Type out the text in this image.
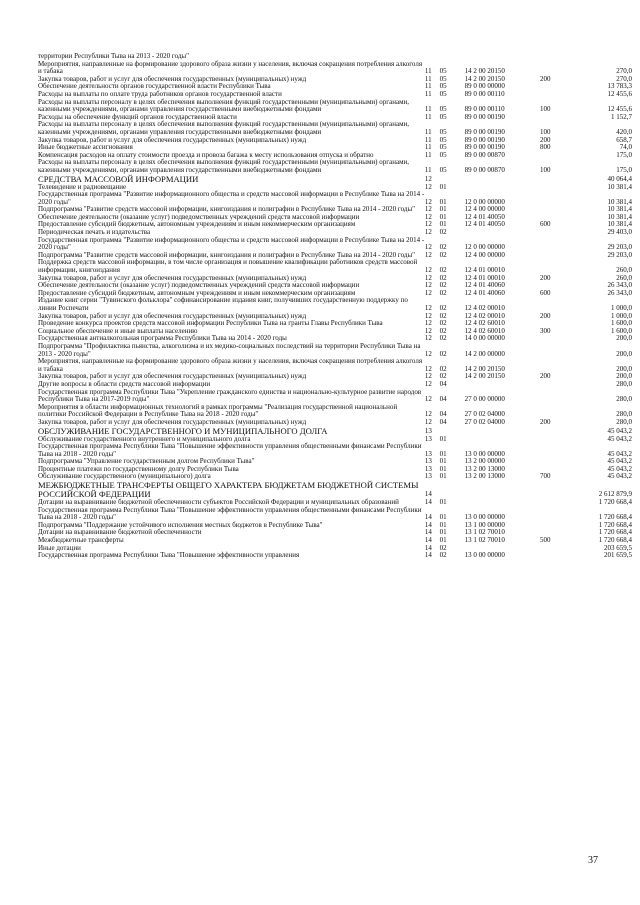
территории Республики Тыва на 2013 - 2020 годы"					
Мероприятия, направленные на формирование здорового образа жизни у населения, включая сокращения потребления алкоголя и табака	11	05	14 2 00 20150		270,0
Закупка товаров, работ и услуг для обеспечения государственных (муниципальных) нужд	11	05	14 2 00 20150	200	270,0
Обеспечение деятельности органов государственной власти Республики Тыва	11	05	89 0 00 00000		13 783,3
Расходы на выплаты по оплате труда работников органов государственной власти	11	05	89 0 00 00110		12 455,6
Расходы на выплаты персоналу в целях обеспечения выполнения функций государственными (муниципальными) органами, казенными учреждениями, органами управления государственными внебюджетными фондами	11	05	89 0 00 00110	100	12 455,6
Расходы на обеспечение функций органов государственной власти	11	05	89 0 00 00190		1 152,7
Расходы на выплаты персоналу в целях обеспечения выполнения функций государственными (муниципальными) органами, казенными учреждениями, органами управления государственными внебюджетными фондами	11	05	89 0 00 00190	100	420,0
Закупка товаров, работ и услуг для обеспечения государственных (муниципальных) нужд	11	05	89 0 00 00190	200	658,7
Иные бюджетные ассигнования	11	05	89 0 00 00190	800	74,0
Компенсация расходов на оплату стоимости проезда и провоза багажа к месту использования отпуска и обратно	11	05	89 0 00 00870		175,0
Расходы на выплаты персоналу в целях обеспечения выполнения функций государственными (муниципальными) органами, казенными учреждениями, органами управления государственными внебюджетными фондами	11	05	89 0 00 00870	100	175,0
СРЕДСТВА МАССОВОЙ ИНФОРМАЦИИ	12				40 064,4
Телевидение и радиовещание	12	01			10 381,4
Государственная программа "Развитие информационного общества и средств массовой информации в Республике Тыва на 2014 - 2020 годы"	12	01	12 0 00 00000		10 381,4
Подпрограмма "Развитие средств массовой информации, книгоиздания и полиграфии в Республике Тыва на 2014 - 2020 годы"	12	01	12 4 00 00000		10 381,4
Обеспечение деятельности (оказание услуг) подведомственных учреждений средств массовой информации	12	01	12 4 01 40050		10 381,4
Предоставление субсидий бюджетным, автономным учреждениям и иным некоммерческим организациям	12	01	12 4 01 40050	600	10 381,4
Периодическая печать и издательства	12	02			29 403,0
Государственная программа "Развитие информационного общества и средств массовой информации в Республике Тыва на 2014 - 2020 годы"	12	02	12 0 00 00000		29 203,0
Подпрограмма "Развитие средств массовой информации, книгоиздания и полиграфии в Республике Тыва на 2014 - 2020 годы"	12	02	12 4 00 00000		29 203,0
Поддержка средств массовой информации, в том числе организация и повышение квалификации работников средств массовой информации, книгоиздания	12	02	12 4 01 00010		260,0
Закупка товаров, работ и услуг для обеспечения государственных (муниципальных) нужд	12	02	12 4 01 00010	200	260,0
Обеспечение деятельности (оказание услуг) подведомственных учреждений средств массовой информации	12	02	12 4 01 40060		26 343,0
Предоставление субсидий бюджетным, автономным учреждениям и иным некоммерческим организациям	12	02	12 4 01 40060	600	26 343,0
Издание книг серии "Тувинского фольклора" софинансирование издания книг, получивших государственную поддержку по линии Роспечати	12	02	12 4 02 00010		1 000,0
Закупка товаров, работ и услуг для обеспечения государственных (муниципальных) нужд	12	02	12 4 02 00010	200	1 000,0
Проведение конкурса проектов средств массовой информации Республики Тыва на гранты Главы Республики Тыва	12	02	12 4 02 60010		1 600,0
Социальное обеспечение и иные выплаты населению	12	02	12 4 02 60010	300	1 600,0
Государственная антиалкогольная программа Республики Тыва на 2014 - 2020 годы	12	02	14 0 00 00000		200,0
Подпрограмма "Профилактика пьянства, алкоголизма и их медико-социальных последствий на территории Республики Тыва на 2013 - 2020 годы"	12	02	14 2 00 00000		200,0
Мероприятия, направленные на формирование здорового образа жизни у населения, включая сокращения потребления алкоголя и табака	12	02	14 2 00 20150		200,0
Закупка товаров, работ и услуг для обеспечения государственных (муниципальных) нужд	12	02	14 2 00 20150	200	200,0
Другие вопросы в области средств массовой информации	12	04			280,0
Государственная программа Республики Тыва "Укрепление гражданского единства и национально-культурное развитие народов Республики Тыва на 2017-2019 годы"	12	04	27 0 00 00000		280,0
Мероприятия в области информационных технологий в рамках программы "Реализация государственной национальной политики Российской Федерации в Республике Тыва на 2018 - 2020 годы"	12	04	27 0 02 04000		280,0
Закупка товаров, работ и услуг для обеспечения государственных (муниципальных) нужд	12	04	27 0 02 04000	200	280,0
ОБСЛУЖИВАНИЕ ГОСУДАРСТВЕННОГО И МУНИЦИПАЛЬНОГО ДОЛГА	13				45 043,2
Обслуживание государственного внутреннего и муниципального долга	13	01			45 043,2
Государственная программа Республики Тыва "Повышение эффективности управления общественными финансами Республики Тыва на 2018 - 2020 годы"	13	01	13 0 00 00000		45 043,2
Подпрограмма "Управление государственным долгом Республики Тыва"	13	01	13 2 00 00000		45 043,2
Процентные платежи по государственному долгу Республики Тыва	13	01	13 2 00 13000		45 043,2
Обслуживание государственного (муниципального) долга	13	01	13 2 00 13000	700	45 043,2
МЕЖБЮДЖЕТНЫЕ ТРАНСФЕРТЫ ОБЩЕГО ХАРАКТЕРА БЮДЖЕТАМ БЮДЖЕТНОЙ СИСТЕМЫ РОССИЙСКОЙ ФЕДЕРАЦИИ	14				2 612 879,9
Дотации на выравнивание бюджетной обеспеченности субъектов Российской Федерации и муниципальных образований	14	01			1 720 668,4
Государственная программа Республики Тыва "Повышение эффективности управления общественными финансами Республики Тыва на 2018 - 2020 годы"	14	01	13 0 00 00000		1 720 668,4
Подпрограмма "Поддержание устойчивого исполнения местных бюджетов в Республике Тыва"	14	01	13 1 00 00000		1 720 668,4
Дотации на выравнивание бюджетной обеспеченности	14	01	13 1 02 70010		1 720 668,4
Межбюджетные трансферты	14	01	13 1 02 70010	500	1 720 668,4
Иные дотации	14	02			203 659,5
Государственная программа Республики Тыва "Повышение эффективности управления	14	02	13 0 00 00000		201 659,5
37
